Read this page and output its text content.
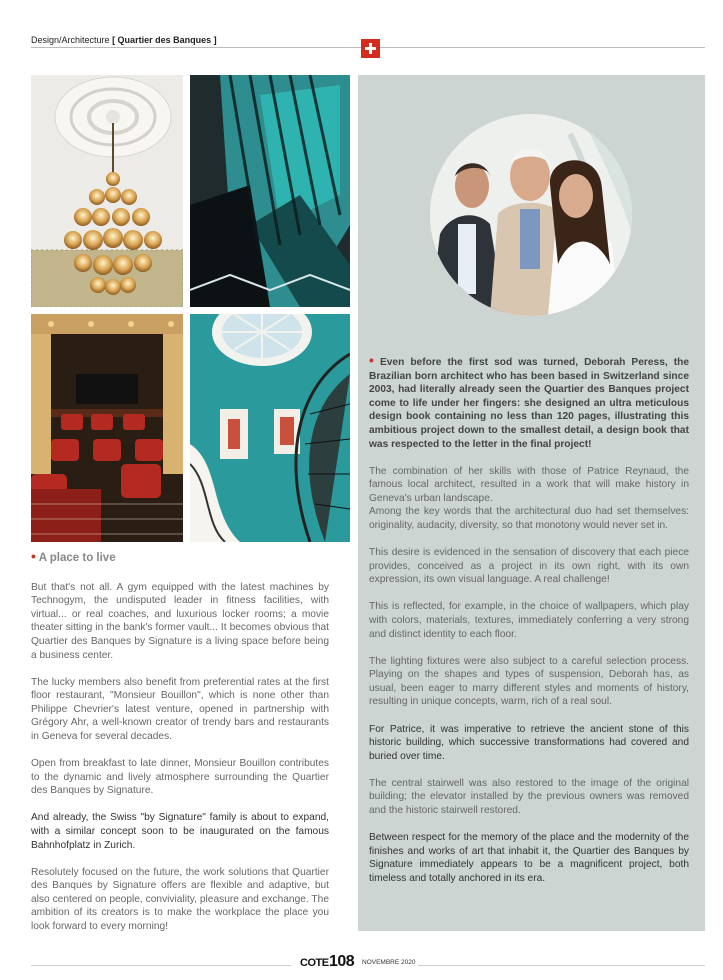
Design/Architecture [ Quartier des Banques ]
• A place to live

But that's not all. A gym equipped with the latest machines by Technogym, the undisputed leader in fitness facilities, with virtual... or real coaches, and luxurious locker rooms; a movie theater sitting in the bank's former vault... It becomes obvious that Quartier des Banques by Signature is a living space before being a business center.

The lucky members also benefit from preferential rates at the first floor restaurant, "Monsieur Bouillon", which is none other than Philippe Chevrier's latest venture, opened in partnership with Grégory Ahr, a well-known creator of trendy bars and restaurants in Geneva for several decades.

Open from breakfast to late dinner, Monsieur Bouillon contributes to the dynamic and lively atmosphere surrounding the Quartier des Banques by Signature.

And already, the Swiss "by Signature" family is about to expand, with a similar concept soon to be inaugurated on the famous Bahnhofplatz in Zurich.

Resolutely focused on the future, the work solutions that Quartier des Banques by Signature offers are flexible and adaptive, but also centered on people, conviviality, pleasure and exchange. The ambition of its creators is to make the workplace the place you look forward to every morning!

• Even before the first sod was turned, Deborah Peress, the Brazilian born architect who has been based in Switzerland since 2003, had literally already seen the Quartier des Banques project come to life under her fingers: she designed an ultra meticulous design book containing no less than 120 pages, illustrating this ambitious project down to the smallest detail, a design book that was respected to the letter in the final project!

The combination of her skills with those of Patrice Reynaud, the famous local architect, resulted in a work that will make history in Geneva's urban landscape.

Among the key words that the architectural duo had set themselves: originality, audacity, diversity, so that monotony would never set in.

This desire is evidenced in the sensation of discovery that each piece provides, conceived as a project in its own right, with its own expression, its own visual language. A real challenge!

This is reflected, for example, in the choice of wallpapers, which play with colors, materials, textures, immediately conferring a very strong and distinct identity to each floor.

The lighting fixtures were also subject to a careful selection process. Playing on the shapes and types of suspension, Deborah has, as usual, been eager to marry different styles and moments of history, resulting in unique concepts, warm, rich of a real soul.

For Patrice, it was imperative to retrieve the ancient stone of this historic building, which successive transformations had covered and buried over time.

The central stairwell was also restored to the image of the original building; the elevator installed by the previous owners was removed and the historic stairwell restored.

Between respect for the memory of the place and the modernity of the finishes and works of art that inhabit it, the Quartier des Banques by Signature immediately appears to be a magnificent project, both timeless and totally anchored in its era.

COTE 108 NOVEMBRE 2020
